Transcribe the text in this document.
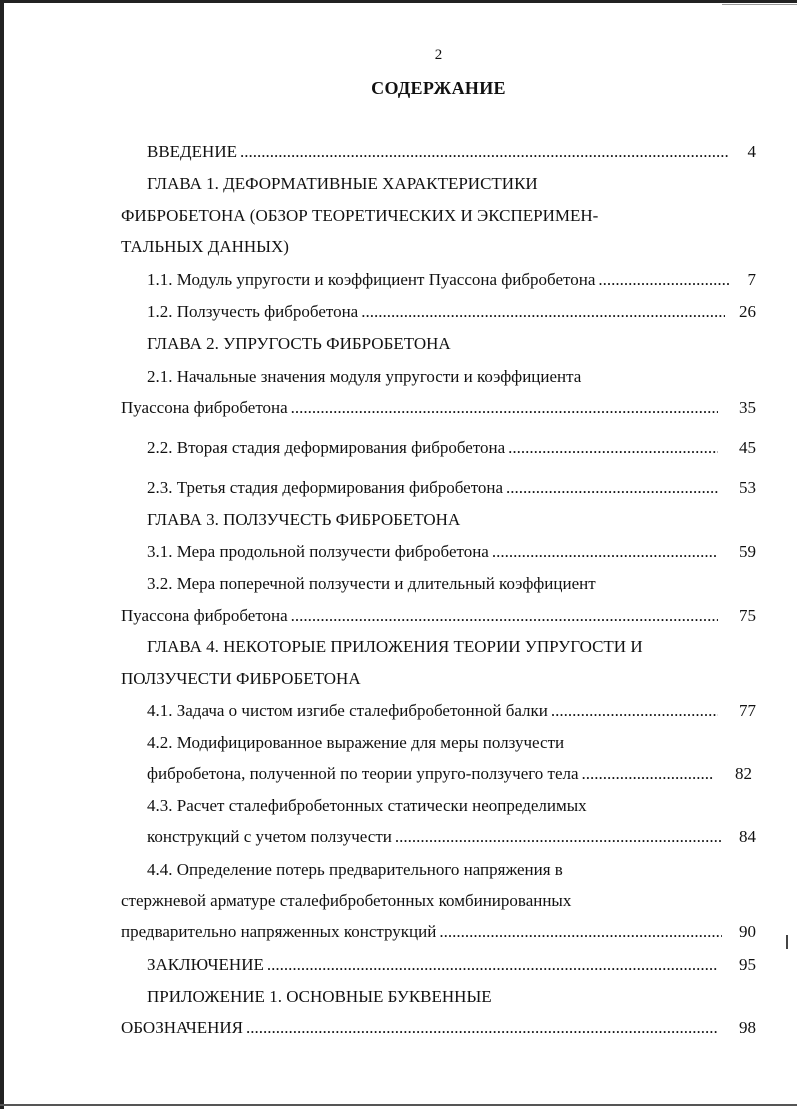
2
СОДЕРЖАНИЕ
ВВЕДЕНИЕ .....	4
ГЛАВА 1. ДЕФОРМАТИВНЫЕ ХАРАКТЕРИСТИКИ
ФИБРОБЕТОНА (ОБЗОР ТЕОРЕТИЧЕСКИХ И ЭКСПЕРИМЕН-
ТАЛЬНЫХ ДАННЫХ)
1.1. Модуль упругости и коэффициент Пуассона фибробетона .....	7
1.2. Ползучесть фибробетона .....	26
ГЛАВА 2. УПРУГОСТЬ ФИБРОБЕТОНА
2.1. Начальные значения модуля упругости и коэффициента
Пуассона фибробетона .....	35
2.2. Вторая стадия деформирования фибробетона .....	45
2.3. Третья стадия деформирования фибробетона .....	53
ГЛАВА 3. ПОЛЗУЧЕСТЬ ФИБРОБЕТОНА
3.1. Мера продольной ползучести фибробетона .....	59
3.2. Мера поперечной ползучести и длительный коэффициент
Пуассона фибробетона .....	75
ГЛАВА 4. НЕКОТОРЫЕ ПРИЛОЖЕНИЯ ТЕОРИИ УПРУГОСТИ И
ПОЛЗУЧЕСТИ ФИБРОБЕТОНА
4.1. Задача о чистом изгибе сталефибробетонной балки .....	77
4.2. Модифицированное выражение для меры ползучести
фибробетона, полученной по теории упруго-ползучего тела .....	82
4.3. Расчет сталефибробетонных статически неопределимых
конструкций с учетом ползучести .....	84
4.4. Определение потерь предварительного напряжения в
стержневой арматуре сталефибробетонных комбинированных
предварительно напряженных конструкций .....	90
ЗАКЛЮЧЕНИЕ .....	95
ПРИЛОЖЕНИЕ 1. ОСНОВНЫЕ БУКВЕННЫЕ
ОБОЗНАЧЕНИЯ .....	98
